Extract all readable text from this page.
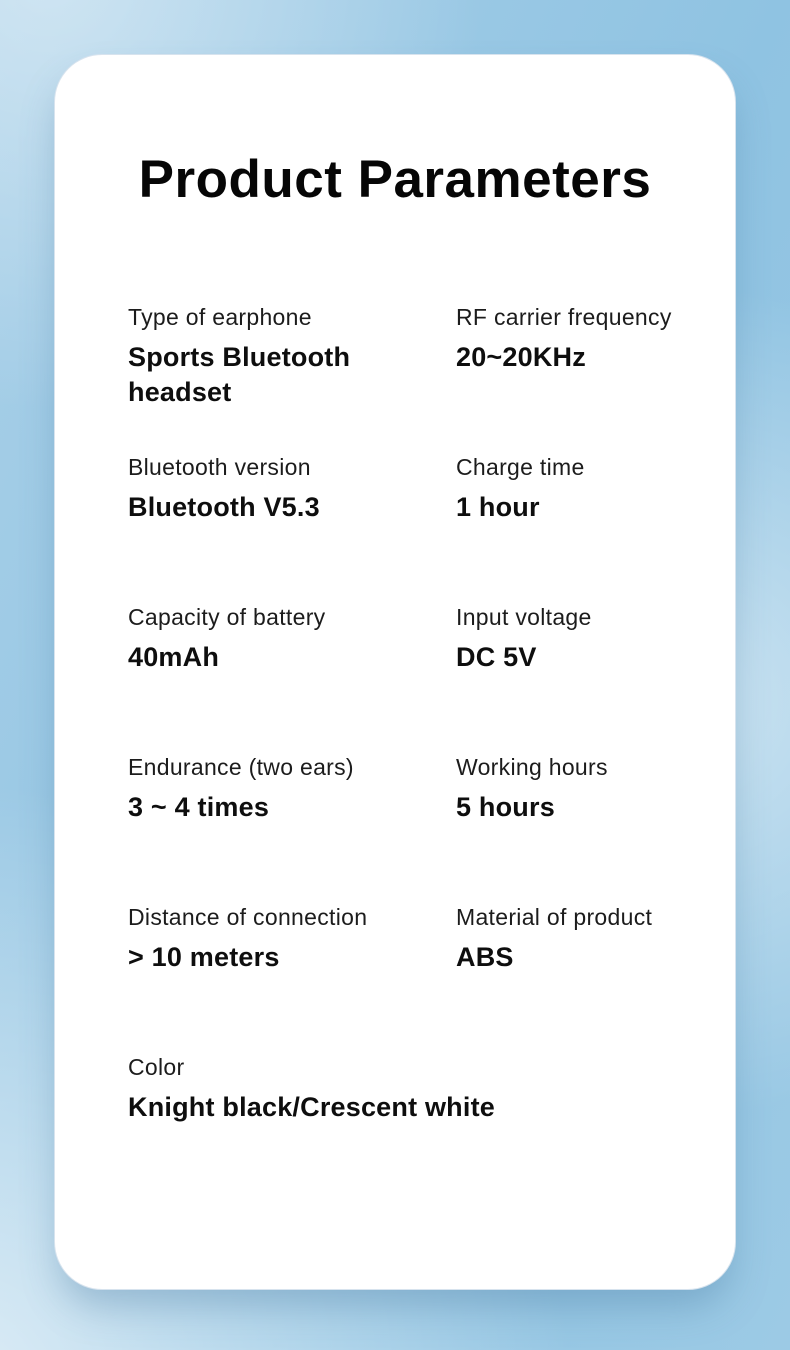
Product Parameters
Type of earphone
Sports Bluetooth headset
RF carrier frequency
20~20KHz
Bluetooth version
Bluetooth V5.3
Charge time
1 hour
Capacity of battery
40mAh
Input voltage
DC 5V
Endurance (two ears)
3 ~ 4 times
Working hours
5 hours
Distance of connection
> 10 meters
Material of product
ABS
Color
Knight black/Crescent white
